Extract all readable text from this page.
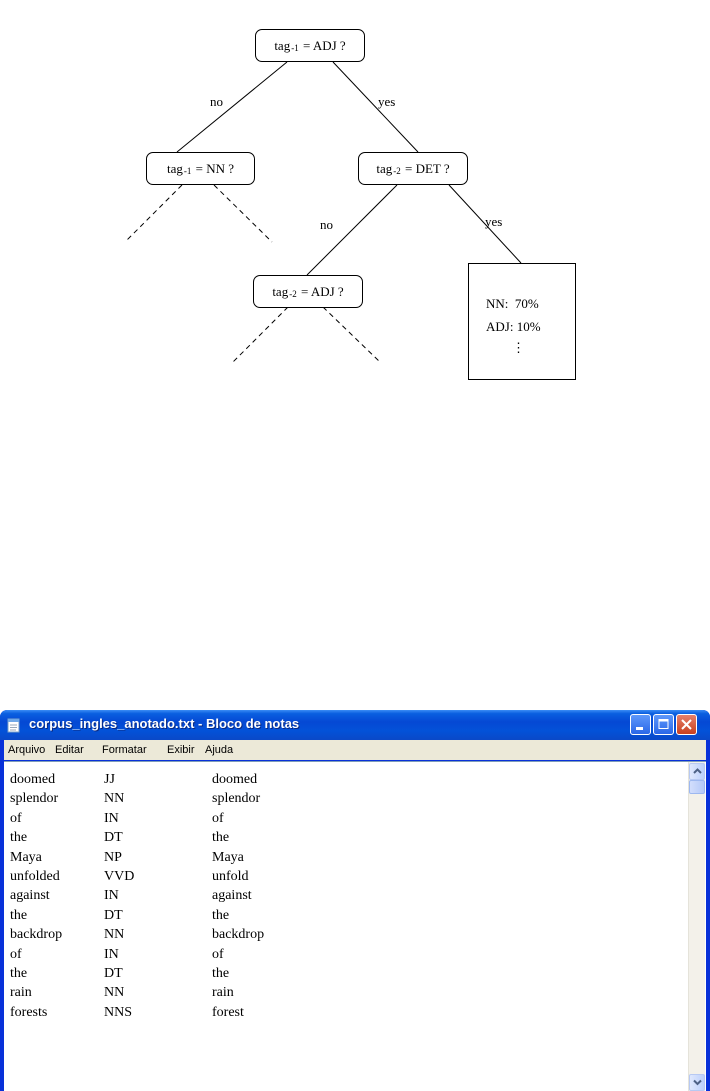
tag$_{-1}$
= ADJ ?
tag$_{-1}$
= NN ?	tag$_{-2}$
= DET ?
tag$_{-2}$
= ADJ ?
no	yes
no	yes
NN:  70%
ADJ: 10%
⋮
corpus_ingles_anotado.txt - Bloco de notas
Arquivo Editar Formatar Exibir Ajuda
doomed	JJ	doomed
splendor	NN	splendor
of	IN	of
the	DT	the
Maya	NP	Maya
unfolded	VVD	unfold
against	IN	against
the	DT	the
backdrop	NN	backdrop
of	IN	of
the	DT	the
rain	NN	rain
forests	NNS	forest
